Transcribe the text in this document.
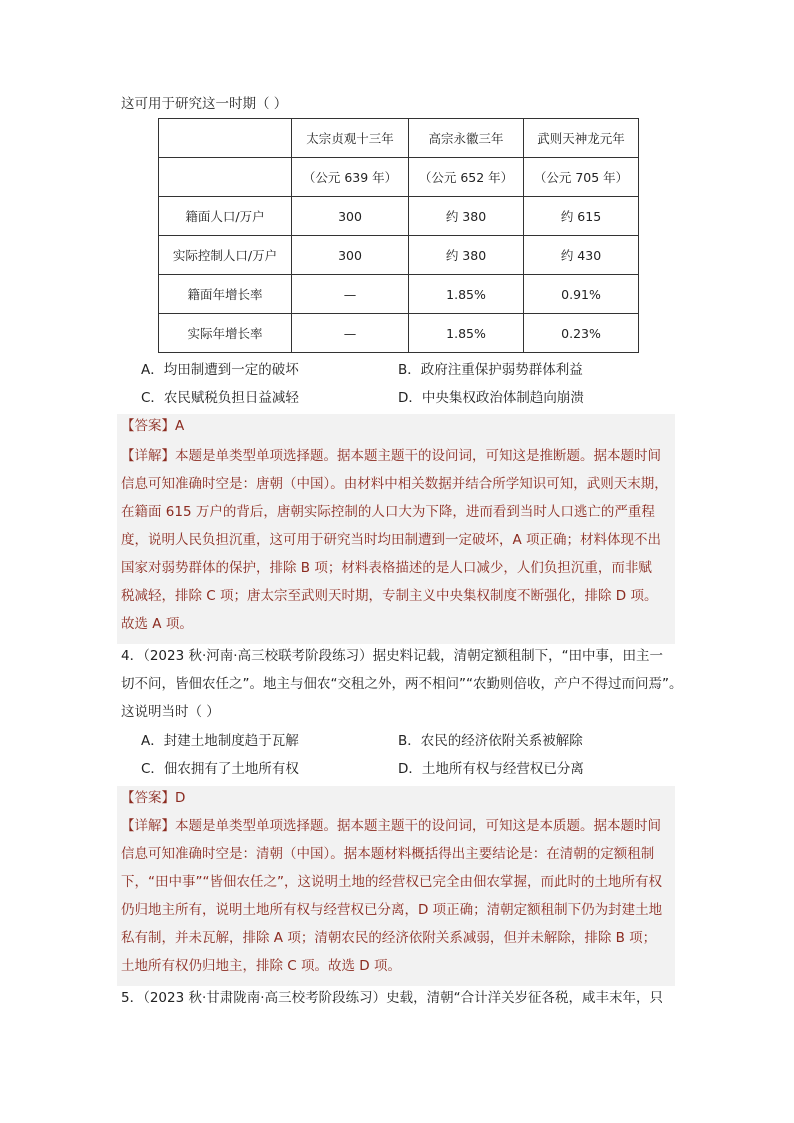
这可用于研究这一时期（ ）
	太宗贞观十三年	高宗永徽三年	武则天神龙元年
	（公元 639 年）	（公元 652 年）	（公元 705 年）
籍面人口/万户	300	约 380	约 615
实际控制人口/万户	300	约 380	约 430
籍面年增长率	—	1.85%	0.91%
实际年增长率	—	1.85%	0.23%
A．均田制遭到一定的破坏	B．政府注重保护弱势群体利益
C．农民赋税负担日益减轻	D．中央集权政治体制趋向崩溃
【答案】A
【详解】本题是单类型单项选择题。据本题主题干的设问词，可知这是推断题。据本题时间
信息可知准确时空是：唐朝（中国）。由材料中相关数据并结合所学知识可知，武则天末期，
在籍面 615 万户的背后，唐朝实际控制的人口大为下降，进而看到当时人口逃亡的严重程
度，说明人民负担沉重，这可用于研究当时均田制遭到一定破坏，A 项正确；材料体现不出
国家对弱势群体的保护，排除 B 项；材料表格描述的是人口减少，人们负担沉重，而非赋
税减轻，排除 C 项；唐太宗至武则天时期，专制主义中央集权制度不断强化，排除 D 项。
故选 A 项。
4．（2023 秋·河南·高三校联考阶段练习）据史料记载，清朝定额租制下，“田中事，田主一
切不问，皆佃农任之”。地主与佃农“交租之外，两不相问”“农勤则倍收，产户不得过而问焉”。
这说明当时（ ）
A．封建土地制度趋于瓦解	B．农民的经济依附关系被解除
C．佃农拥有了土地所有权	D．土地所有权与经营权已分离
【答案】D
【详解】本题是单类型单项选择题。据本题主题干的设问词，可知这是本质题。据本题时间
信息可知准确时空是：清朝（中国）。据本题材料概括得出主要结论是：在清朝的定额租制
下，“田中事”“皆佃农任之”，这说明土地的经营权已完全由佃农掌握，而此时的土地所有权
仍归地主所有，说明土地所有权与经营权已分离，D 项正确；清朝定额租制下仍为封建土地
私有制，并未瓦解，排除 A 项；清朝农民的经济依附关系减弱，但并未解除，排除 B 项；
土地所有权仍归地主，排除 C 项。故选 D 项。
5．（2023 秋·甘肃陇南·高三校考阶段练习）史载，清朝“合计洋关岁征各税，咸丰末年，只
